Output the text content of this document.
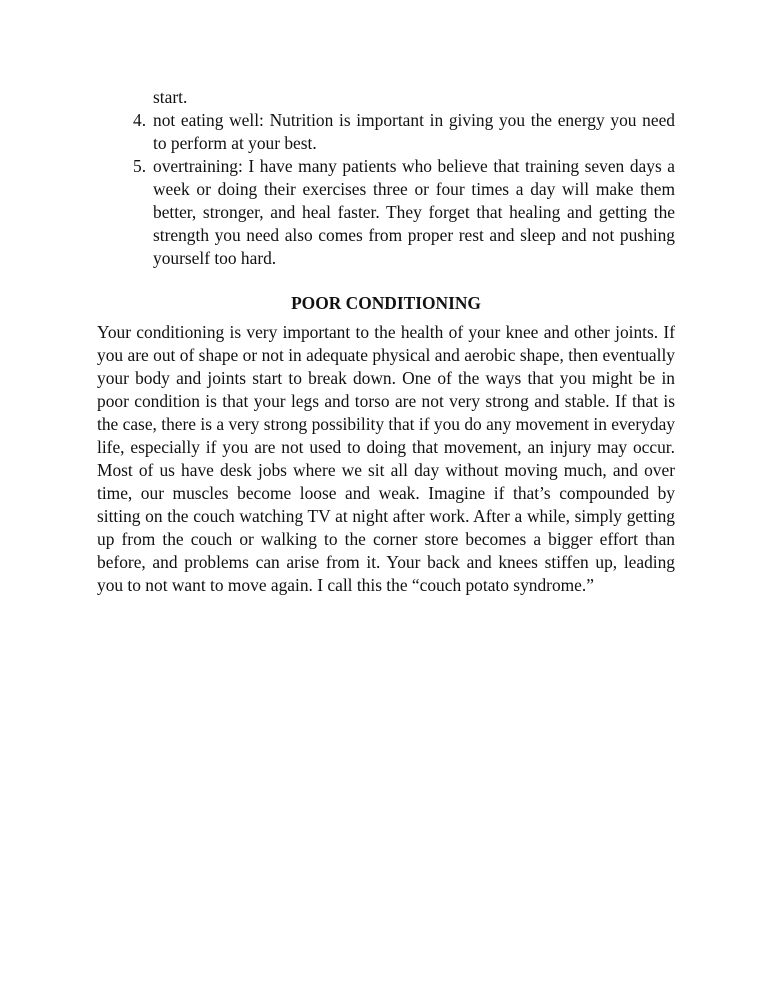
start.

4. not eating well: Nutrition is important in giving you the energy you need to perform at your best.
5. overtraining: I have many patients who believe that training seven days a week or doing their exercises three or four times a day will make them better, stronger, and heal faster. They forget that healing and getting the strength you need also comes from proper rest and sleep and not pushing yourself too hard.
POOR CONDITIONING

Your conditioning is very important to the health of your knee and other joints. If you are out of shape or not in adequate physical and aerobic shape, then eventually your body and joints start to break down. One of the ways that you might be in poor condition is that your legs and torso are not very strong and stable. If that is the case, there is a very strong possibility that if you do any movement in everyday life, especially if you are not used to doing that movement, an injury may occur. Most of us have desk jobs where we sit all day without moving much, and over time, our muscles become loose and weak. Imagine if that’s compounded by sitting on the couch watching TV at night after work. After a while, simply getting up from the couch or walking to the corner store becomes a bigger effort than before, and problems can arise from it. Your back and knees stiffen up, leading you to not want to move again. I call this the “couch potato syndrome.”
